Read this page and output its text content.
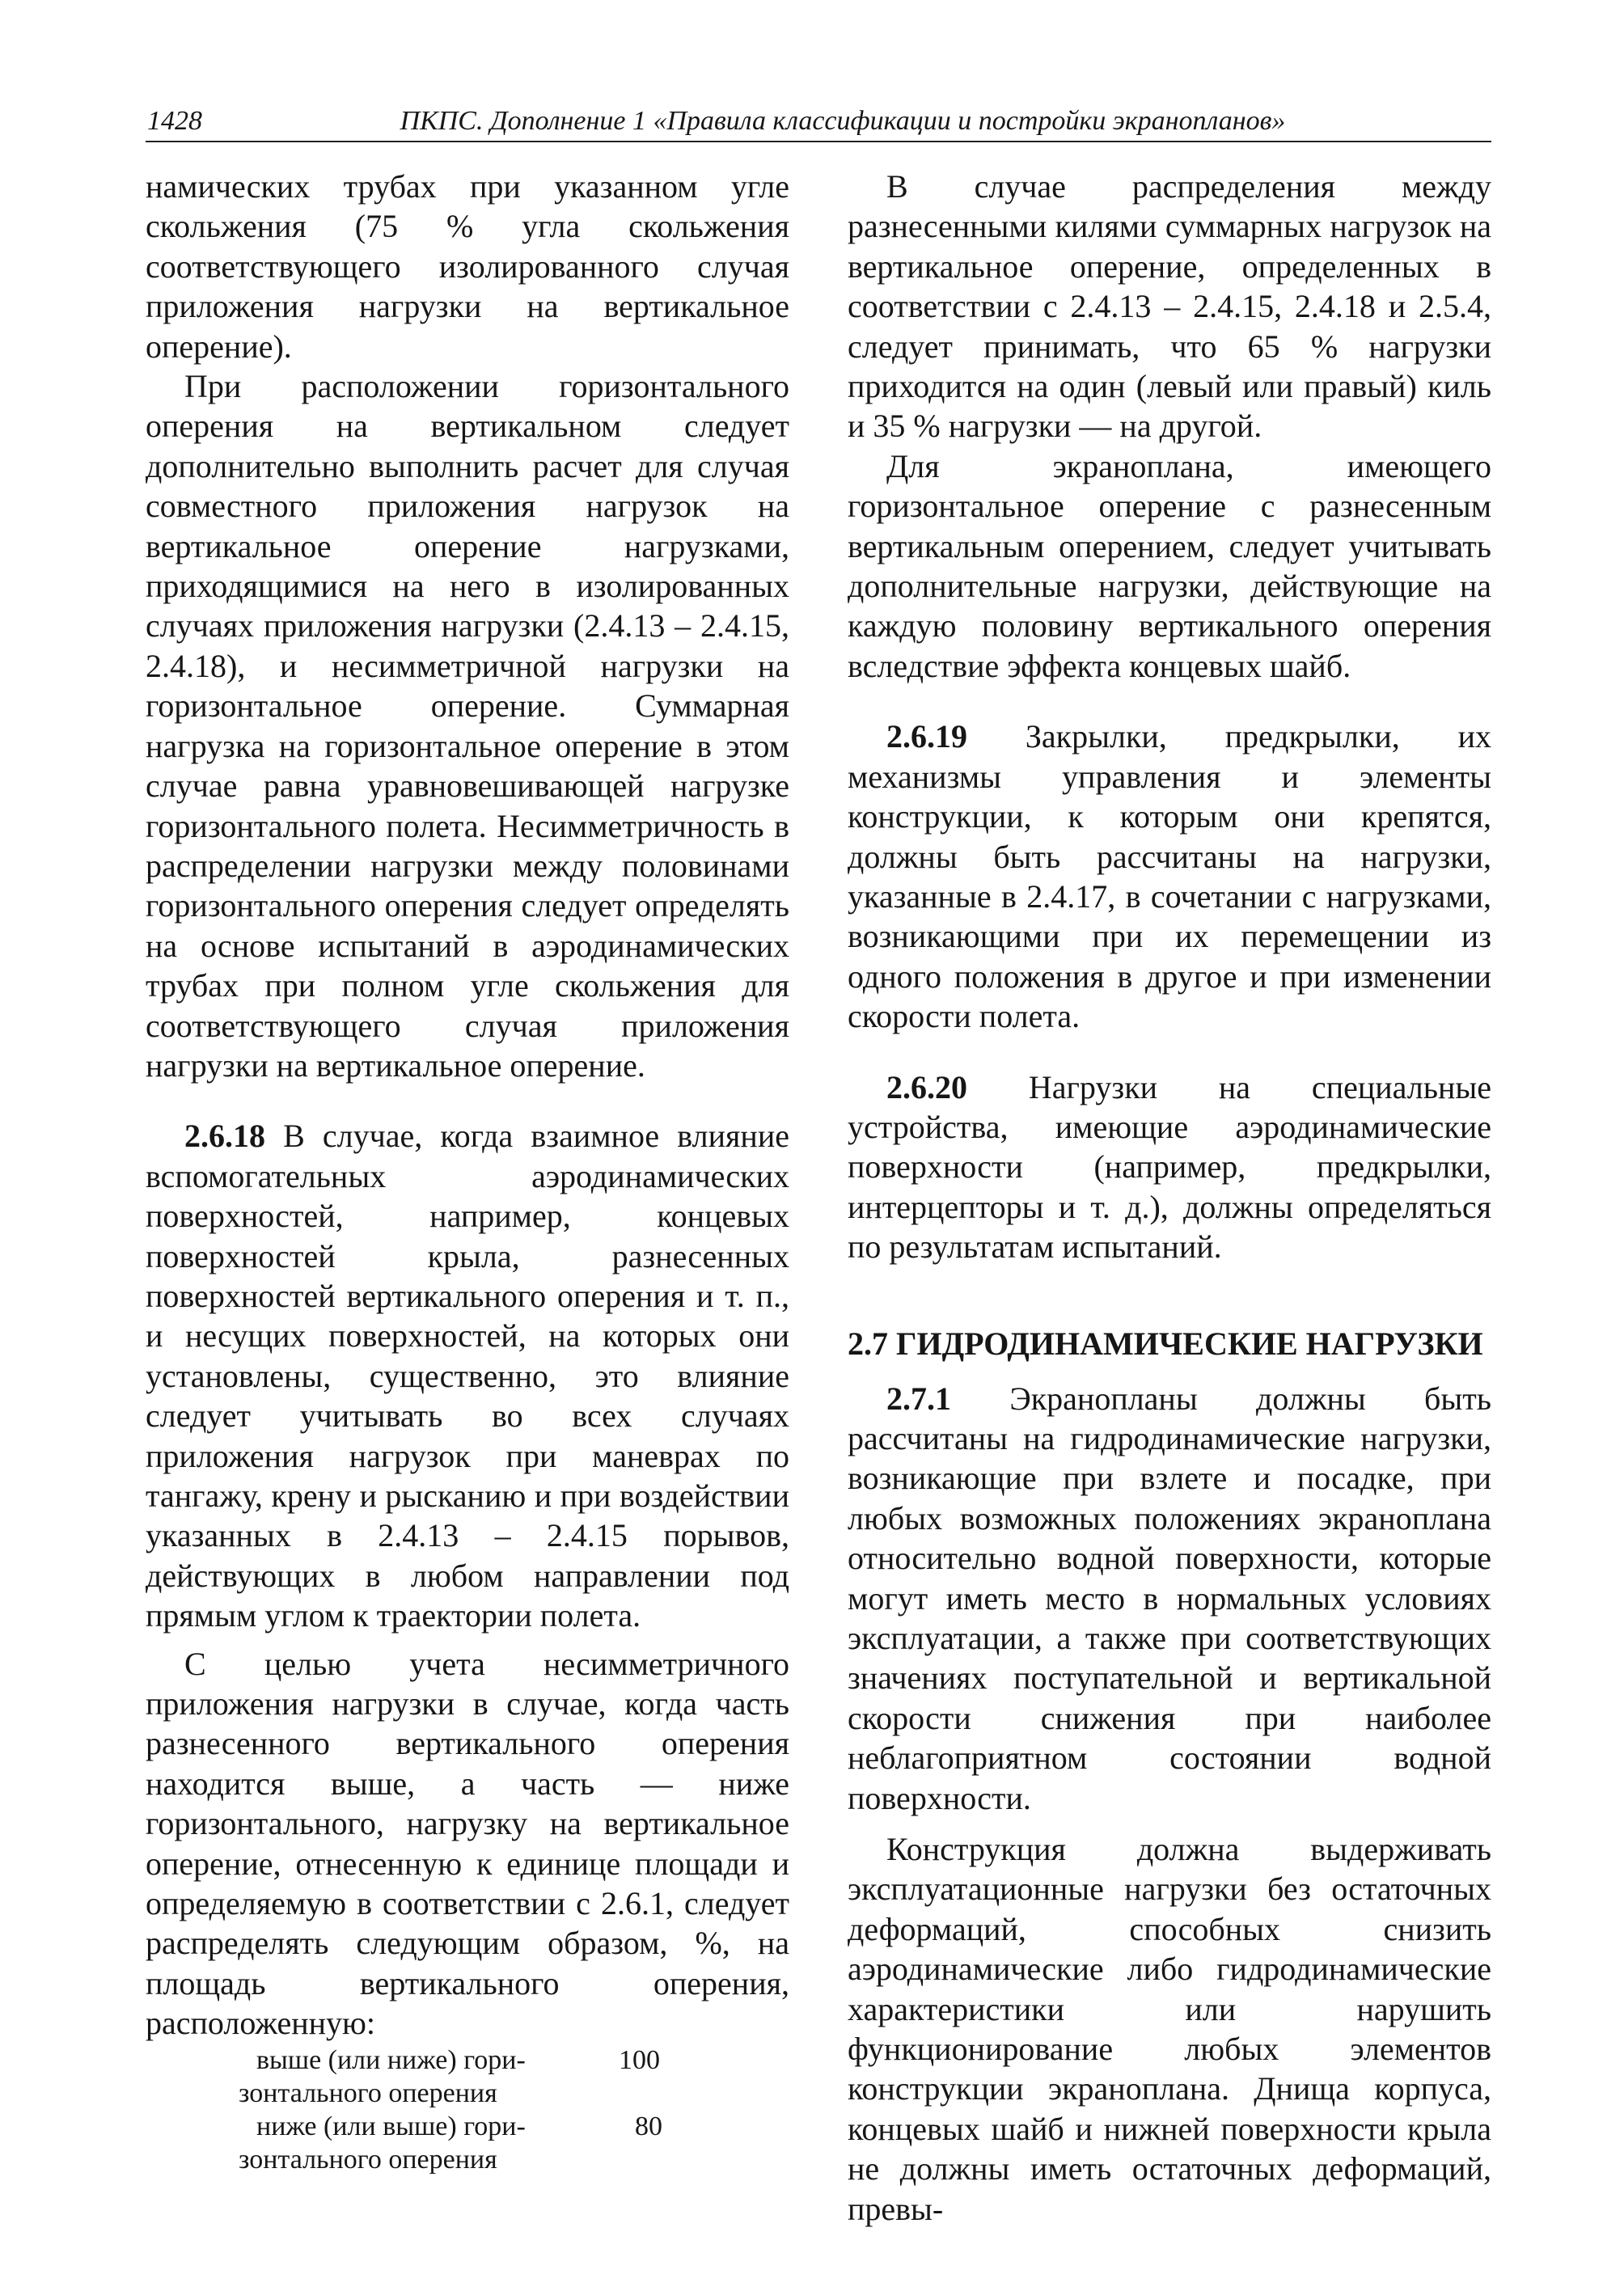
1428	ПКПС. Дополнение 1 «Правила классификации и постройки экранопланов»

намических трубах при указанном угле скольжения (75 % угла скольжения соответствующего изолированного случая приложения нагрузки на вертикальное оперение).

При расположении горизонтального оперения на вертикальном следует дополнительно выполнить расчет для случая совместного приложения нагрузок на вертикальное оперение нагрузками, приходящимися на него в изолированных случаях приложения нагрузки (2.4.13 – 2.4.15, 2.4.18), и несимметричной нагрузки на горизонтальное оперение. Суммарная нагрузка на горизонтальное оперение в этом случае равна уравновешивающей нагрузке горизонтального полета. Несимметричность в распределении нагрузки между половинами горизонтального оперения следует определять на основе испытаний в аэродинамических трубах при полном угле скольжения для соответствующего случая приложения нагрузки на вертикальное оперение.

2.6.18 В случае, когда взаимное влияние вспомогательных аэродинамических поверхностей, например, концевых поверхностей крыла, разнесенных поверхностей вертикального оперения и т. п., и несущих поверхностей, на которых они установлены, существенно, это влияние следует учитывать во всех случаях приложения нагрузок при маневрах по тангажу, крену и рысканию и при воздействии указанных в 2.4.13 – 2.4.15 порывов, действующих в любом направлении под прямым углом к траектории полета.

С целью учета несимметричного приложения нагрузки в случае, когда часть разнесенного вертикального оперения находится выше, а часть — ниже горизонтального, нагрузку на вертикальное оперение, отнесенную к единице площади и определяемую в соответствии с 2.6.1, следует распределять следующим образом, %, на площадь вертикального оперения, расположенную:

выше (или ниже) гори-
зонтального оперения	100

ниже (или выше) гори-
зонтального оперения	80

В случае распределения между разнесенными килями суммарных нагрузок на вертикальное оперение, определенных в соответствии с 2.4.13 – 2.4.15, 2.4.18 и 2.5.4, следует принимать, что 65 % нагрузки приходится на один (левый или правый) киль и 35 % нагрузки — на другой.

Для экраноплана, имеющего горизонтальное оперение с разнесенным вертикальным оперением, следует учитывать дополнительные нагрузки, действующие на каждую половину вертикального оперения вследствие эффекта концевых шайб.

2.6.19 Закрылки, предкрылки, их механизмы управления и элементы конструкции, к которым они крепятся, должны быть рассчитаны на нагрузки, указанные в 2.4.17, в сочетании с нагрузками, возникающими при их перемещении из одного положения в другое и при изменении скорости полета.

2.6.20 Нагрузки на специальные устройства, имеющие аэродинамические поверхности (например, предкрылки, интерцепторы и т. д.), должны определяться по результатам испытаний.

2.7 ГИДРОДИНАМИЧЕСКИЕ НАГРУЗКИ

2.7.1 Экранопланы должны быть рассчитаны на гидродинамические нагрузки, возникающие при взлете и посадке, при любых возможных положениях экраноплана относительно водной поверхности, которые могут иметь место в нормальных условиях эксплуатации, а также при соответствующих значениях поступательной и вертикальной скорости снижения при наиболее неблагоприятном состоянии водной поверхности.

Конструкция должна выдерживать эксплуатационные нагрузки без остаточных деформаций, способных снизить аэродинамические либо гидродинамические характеристики или нарушить функционирование любых элементов конструкции экраноплана. Днища корпуса, концевых шайб и нижней поверхности крыла не должны иметь остаточных деформаций, превы-
